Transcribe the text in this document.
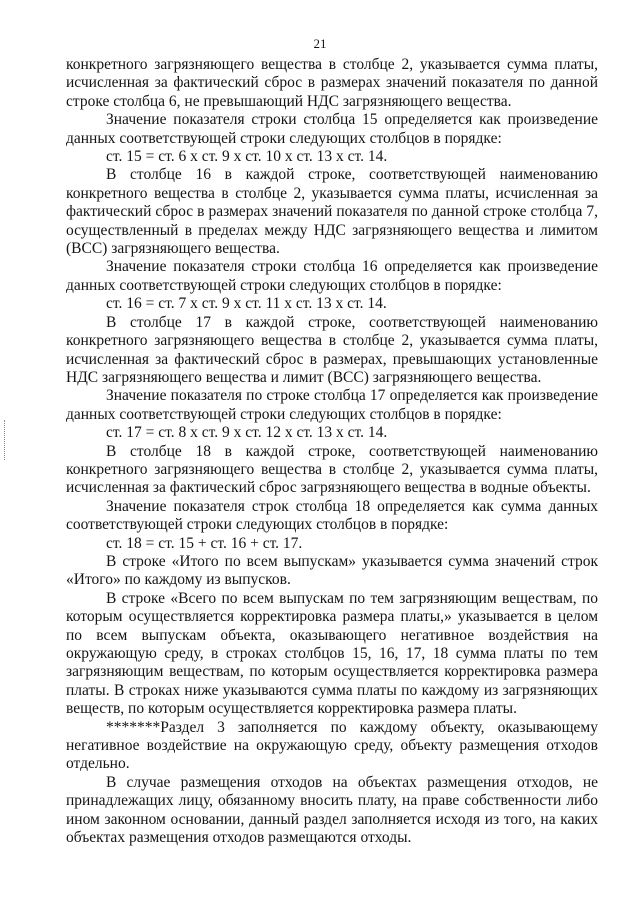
21

конкретного загрязняющего вещества в столбце 2, указывается сумма платы, исчисленная за фактический сброс в размерах значений показателя по данной строке столбца 6, не превышающий НДС загрязняющего вещества.

Значение показателя строки столбца 15 определяется как произведение данных соответствующей строки следующих столбцов в порядке:

ст. 15 = ст. 6 х ст. 9 х ст. 10 х ст. 13 х ст. 14.

В столбце 16 в каждой строке, соответствующей наименованию конкретного вещества в столбце 2, указывается сумма платы, исчисленная за фактический сброс в размерах значений показателя по данной строке столбца 7, осуществленный в пределах между НДС загрязняющего вещества и лимитом (ВСС) загрязняющего вещества.

Значение показателя строки столбца 16 определяется как произведение данных соответствующей строки следующих столбцов в порядке:

ст. 16 = ст. 7 х ст. 9 х ст. 11 х ст. 13 х ст. 14.

В столбце 17 в каждой строке, соответствующей наименованию конкретного загрязняющего вещества в столбце 2, указывается сумма платы, исчисленная за фактический сброс в размерах, превышающих установленные НДС загрязняющего вещества и лимит (ВСС) загрязняющего вещества.

Значение показателя по строке столбца 17 определяется как произведение данных соответствующей строки следующих столбцов в порядке:

ст. 17 = ст. 8 х ст. 9 х ст. 12 х ст. 13 х ст. 14.

В столбце 18 в каждой строке, соответствующей наименованию конкретного загрязняющего вещества в столбце 2, указывается сумма платы, исчисленная за фактический сброс загрязняющего вещества в водные объекты.

Значение показателя строк столбца 18 определяется как сумма данных соответствующей строки следующих столбцов в порядке:

ст. 18 = ст. 15 + ст. 16 + ст. 17.

В строке «Итого по всем выпускам» указывается сумма значений строк «Итого» по каждому из выпусков.

В строке «Всего по всем выпускам по тем загрязняющим веществам, по которым осуществляется корректировка размера платы,» указывается в целом по всем выпускам объекта, оказывающего негативное воздействия на окружающую среду, в строках столбцов 15, 16, 17, 18 сумма платы по тем загрязняющим веществам, по которым осуществляется корректировка размера платы. В строках ниже указываются сумма платы по каждому из загрязняющих веществ, по которым осуществляется корректировка размера платы.

*******Раздел 3 заполняется по каждому объекту, оказывающему негативное воздействие на окружающую среду, объекту размещения отходов отдельно.

В случае размещения отходов на объектах размещения отходов, не принадлежащих лицу, обязанному вносить плату, на праве собственности либо ином законном основании, данный раздел заполняется исходя из того, на каких объектах размещения отходов размещаются отходы.
